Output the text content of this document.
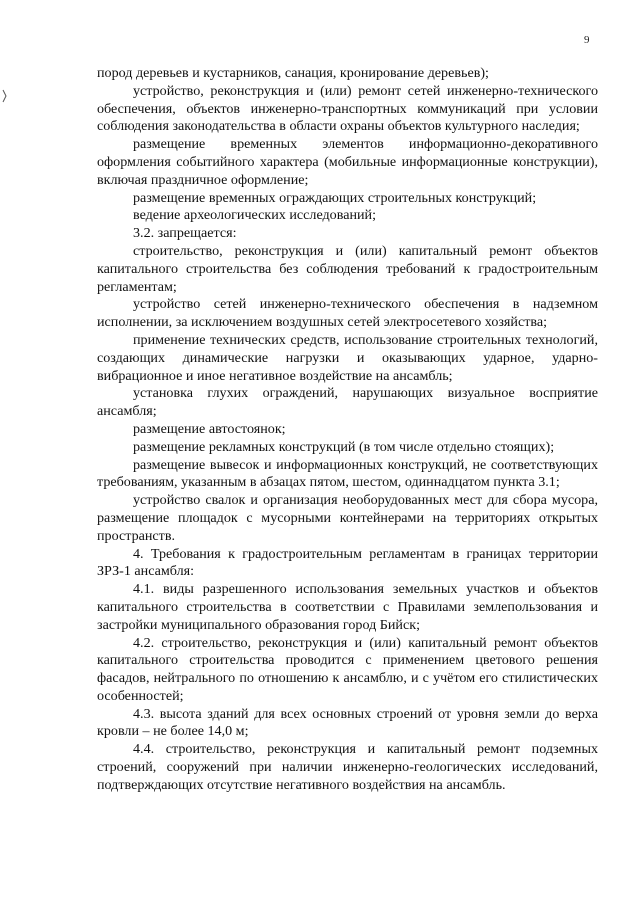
9

пород деревьев и кустарников, санация, кронирование деревьев);

устройство, реконструкция и (или) ремонт сетей инженерно-технического обеспечения, объектов инженерно-транспортных коммуникаций при условии соблюдения законодательства в области охраны объектов культурного наследия;

размещение временных элементов информационно-декоративного оформления событийного характера (мобильные информационные конструкции), включая праздничное оформление;

размещение временных ограждающих строительных конструкций;

ведение археологических исследований;

3.2. запрещается:

строительство, реконструкция и (или) капитальный ремонт объектов капитального строительства без соблюдения требований к градостроительным регламентам;

устройство сетей инженерно-технического обеспечения в надземном исполнении, за исключением воздушных сетей электросетевого хозяйства;

применение технических средств, использование строительных технологий, создающих динамические нагрузки и оказывающих ударное, ударно-вибрационное и иное негативное воздействие на ансамбль;

установка глухих ограждений, нарушающих визуальное восприятие ансамбля;

размещение автостоянок;

размещение рекламных конструкций (в том числе отдельно стоящих);

размещение вывесок и информационных конструкций, не соответствующих требованиям, указанным в абзацах пятом, шестом, одиннадцатом пункта 3.1;

устройство свалок и организация необорудованных мест для сбора мусора, размещение площадок с мусорными контейнерами на территориях открытых пространств.

4. Требования к градостроительным регламентам в границах территории ЗРЗ-1 ансамбля:

4.1. виды разрешенного использования земельных участков и объектов капитального строительства в соответствии с Правилами землепользования и застройки муниципального образования город Бийск;

4.2. строительство, реконструкция и (или) капитальный ремонт объектов капитального строительства проводится с применением цветового решения фасадов, нейтрального по отношению к ансамблю, и с учётом его стилистических особенностей;

4.3. высота зданий для всех основных строений от уровня земли до верха кровли – не более 14,0 м;

4.4. строительство, реконструкция и капитальный ремонт подземных строений, сооружений при наличии инженерно-геологических исследований, подтверждающих отсутствие негативного воздействия на ансамбль.
